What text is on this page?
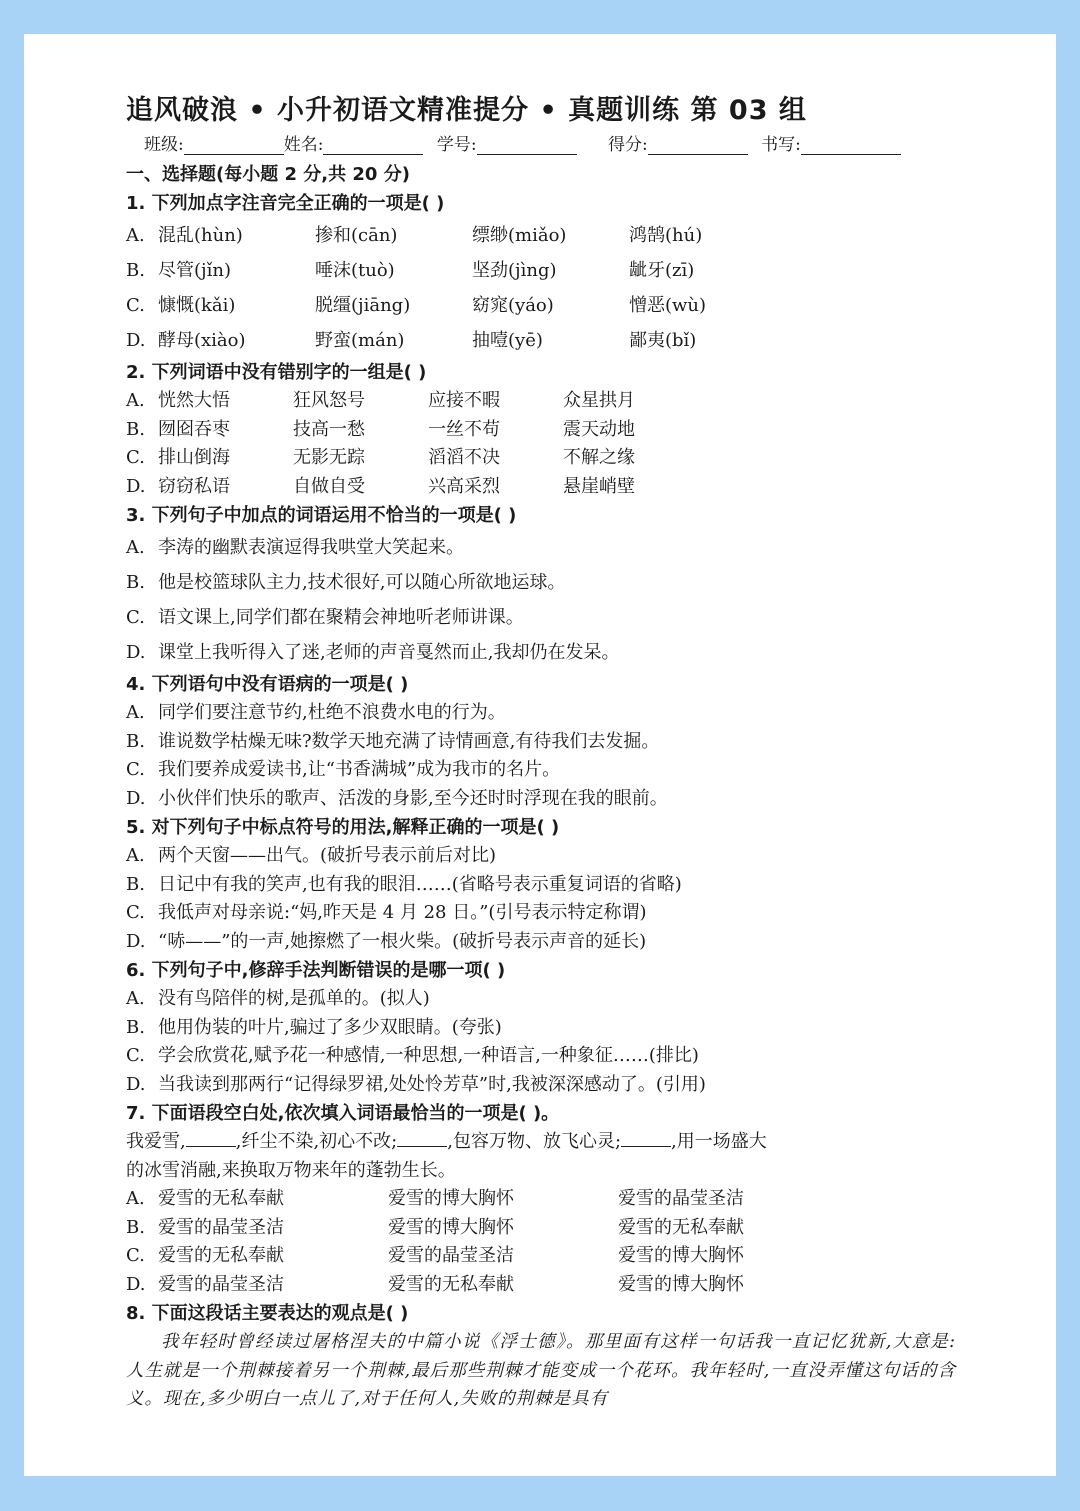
追风破浪 • 小升初语文精准提分 • 真题训练 第 03 组
班级:	姓名:	学号:	得分:	书写:
一、选择题(每小题 2 分,共 20 分)
1. 下列加点字注音完全正确的一项是( )
A. 混乱(hùn)	掺和(cān)	缥缈(miǎo)	鸿鹄(hú)
B. 尽管(jǐn)	唾沫(tuò)	坚劲(jìng)	龇牙(zī)
C. 慷慨(kǎi)	脱缰(jiāng)	窈窕(yáo)	憎恶(wù)
D. 酵母(xiào)	野蛮(mán)	抽噎(yē)	鄙夷(bǐ)
2. 下列词语中没有错别字的一组是( )
A. 恍然大悟	狂风怒号	应接不暇	众星拱月
B. 囫囵吞枣	技高一愁	一丝不苟	震天动地
C. 排山倒海	无影无踪	滔滔不决	不解之缘
D. 窃窃私语	自做自受	兴高采烈	悬崖峭壁
3. 下列句子中加点的词语运用不恰当的一项是( )
A. 李涛的幽默表演逗得我哄堂大笑起来。
B. 他是校篮球队主力,技术很好,可以随心所欲地运球。
C. 语文课上,同学们都在聚精会神地听老师讲课。
D. 课堂上我听得入了迷,老师的声音戛然而止,我却仍在发呆。
4. 下列语句中没有语病的一项是( )
A. 同学们要注意节约,杜绝不浪费水电的行为。
B. 谁说数学枯燥无味?数学天地充满了诗情画意,有待我们去发掘。
C. 我们要养成爱读书,让“书香满城”成为我市的名片。
D. 小伙伴们快乐的歌声、活泼的身影,至今还时时浮现在我的眼前。
5. 对下列句子中标点符号的用法,解释正确的一项是( )
A. 两个天窗——出气。(破折号表示前后对比)
B. 日记中有我的笑声,也有我的眼泪……(省略号表示重复词语的省略)
C. 我低声对母亲说:“妈,昨天是 4 月 28 日。”(引号表示特定称谓)
D. “哧——”的一声,她擦燃了一根火柴。(破折号表示声音的延长)
6. 下列句子中,修辞手法判断错误的是哪一项( )
A. 没有鸟陪伴的树,是孤单的。(拟人)
B. 他用伪装的叶片,骗过了多少双眼睛。(夸张)
C. 学会欣赏花,赋予花一种感情,一种思想,一种语言,一种象征……(排比)
D. 当我读到那两行“记得绿罗裙,处处怜芳草”时,我被深深感动了。(引用)
7. 下面语段空白处,依次填入词语最恰当的一项是( )。
我爱雪,	,纤尘不染,初心不改;	,包容万物、放飞心灵;	,用一场盛大
的冰雪消融,来换取万物来年的蓬勃生长。
A. 爱雪的无私奉献	爱雪的博大胸怀	爱雪的晶莹圣洁
B. 爱雪的晶莹圣洁	爱雪的博大胸怀	爱雪的无私奉献
C. 爱雪的无私奉献	爱雪的晶莹圣洁	爱雪的博大胸怀
D. 爱雪的晶莹圣洁	爱雪的无私奉献	爱雪的博大胸怀
8. 下面这段话主要表达的观点是( )
我年轻时曾经读过屠格涅夫的中篇小说《浮士德》。那里面有这样一句话我一直记忆犹新,大意是:人生就是一个荆棘接着另一个荆棘,最后那些荆棘才能变成一个花环。我年轻时,一直没弄懂这句话的含义。现在,多少明白一点儿了,对于任何人,失败的荆棘是具有
